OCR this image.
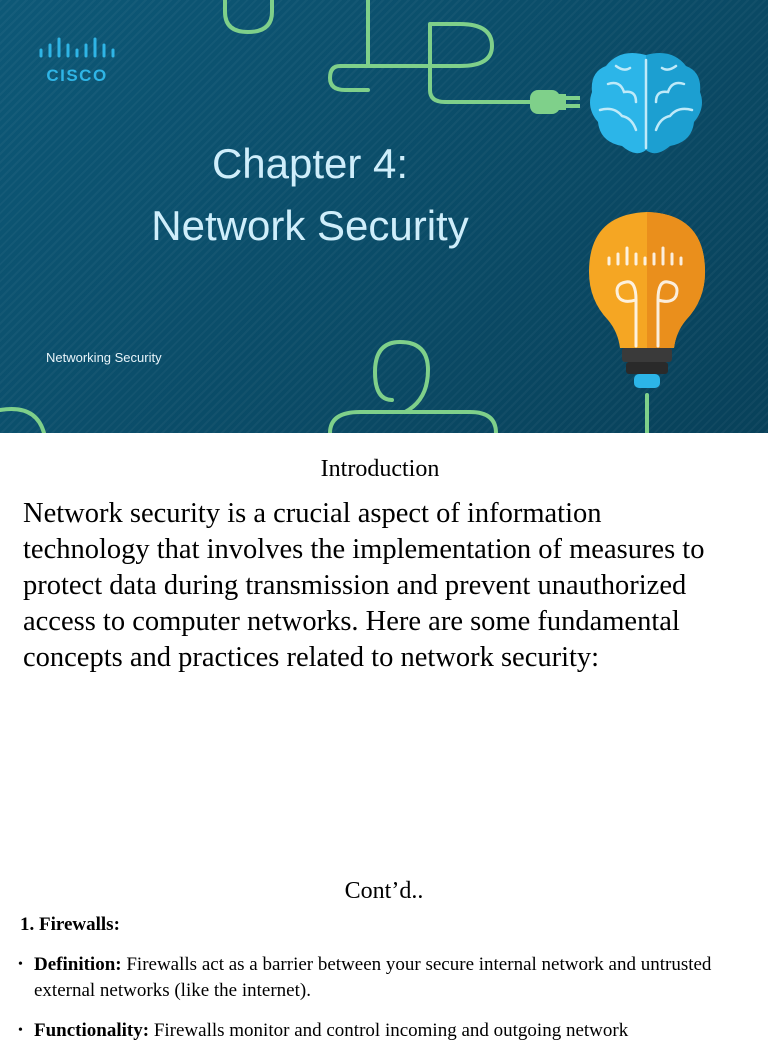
CISCO
Chapter 4:
Network Security
Networking Security
Introduction
Network security is a crucial aspect of information technology that involves the implementation of measures to protect data during transmission and prevent unauthorized access to computer networks. Here are some fundamental concepts and practices related to network security:
Cont’d..
1. Firewalls:
• Definition: Firewalls act as a barrier between your secure internal network and untrusted external networks (like the internet).
• Functionality: Firewalls monitor and control incoming and outgoing network
